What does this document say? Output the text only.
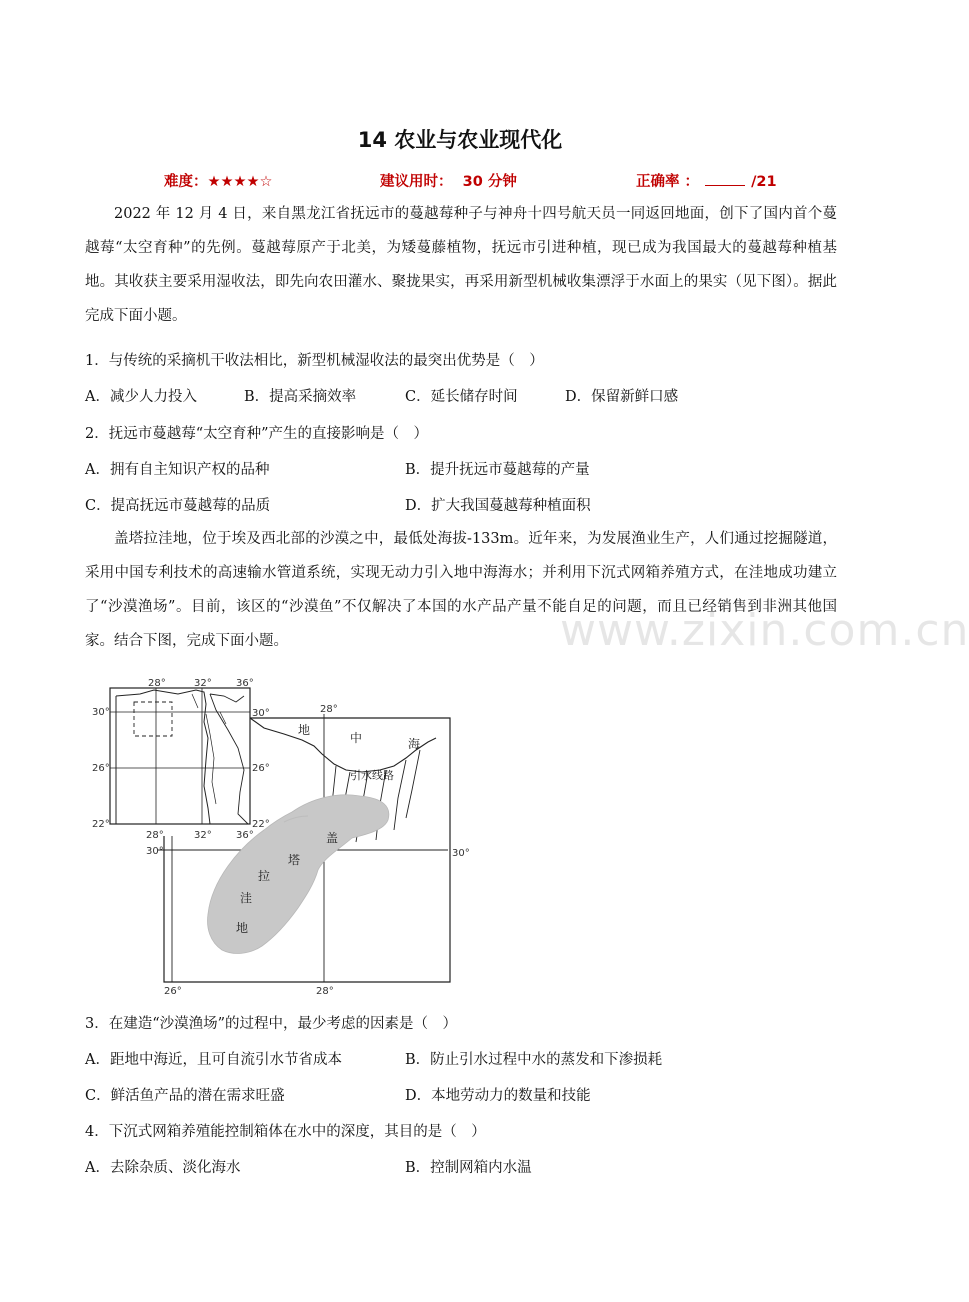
www.zixin.com.cn
14 农业与农业现代化
难度：★★★★☆	建议用时： 30 分钟	正确率 ：	/21
2022 年 12 月 4 日，来自黑龙江省抚远市的蔓越莓种子与神舟十四号航天员一同返回地面，创下了国内首个蔓越莓“太空育种”的先例。蔓越莓原产于北美，为矮蔓藤植物，抚远市引进种植，现已成为我国最大的蔓越莓种植基地。其收获主要采用湿收法，即先向农田灌水、聚拢果实，再采用新型机械收集漂浮于水面上的果实（见下图）。据此完成下面小题。
1．与传统的采摘机干收法相比，新型机械湿收法的最突出优势是（　）
A．减少人力投入	B．提高采摘效率	C．延长储存时间	D．保留新鲜口感
2．抚远市蔓越莓“太空育种”产生的直接影响是（　）
A．拥有自主知识产权的品种	B．提升抚远市蔓越莓的产量
C．提高抚远市蔓越莓的品质	D．扩大我国蔓越莓种植面积
盖塔拉洼地，位于埃及西北部的沙漠之中，最低处海拔-133m。近年来，为发展渔业生产，人们通过挖掘隧道，采用中国专利技术的高速输水管道系统，实现无动力引入地中海海水；并利用下沉式网箱养殖方式，在洼地成功建立了“沙漠渔场”。目前，该区的“沙漠鱼”不仅解决了本国的水产品产量不能自足的问题，而且已经销售到非洲其他国家。结合下图，完成下面小题。
28°	32° 36°
30°
26°
22°
26°
22°
28°	32° 36°
30°
30°	28°
30°
26°	28°
地
中	海
引水线路
盖
塔
拉
洼
地
3．在建造“沙漠渔场”的过程中，最少考虑的因素是（　）
A．距地中海近，且可自流引水节省成本	B．防止引水过程中水的蒸发和下渗损耗
C．鲜活鱼产品的潜在需求旺盛	D．本地劳动力的数量和技能
4．下沉式网箱养殖能控制箱体在水中的深度，其目的是（　）
A．去除杂质、淡化海水	B．控制网箱内水温
